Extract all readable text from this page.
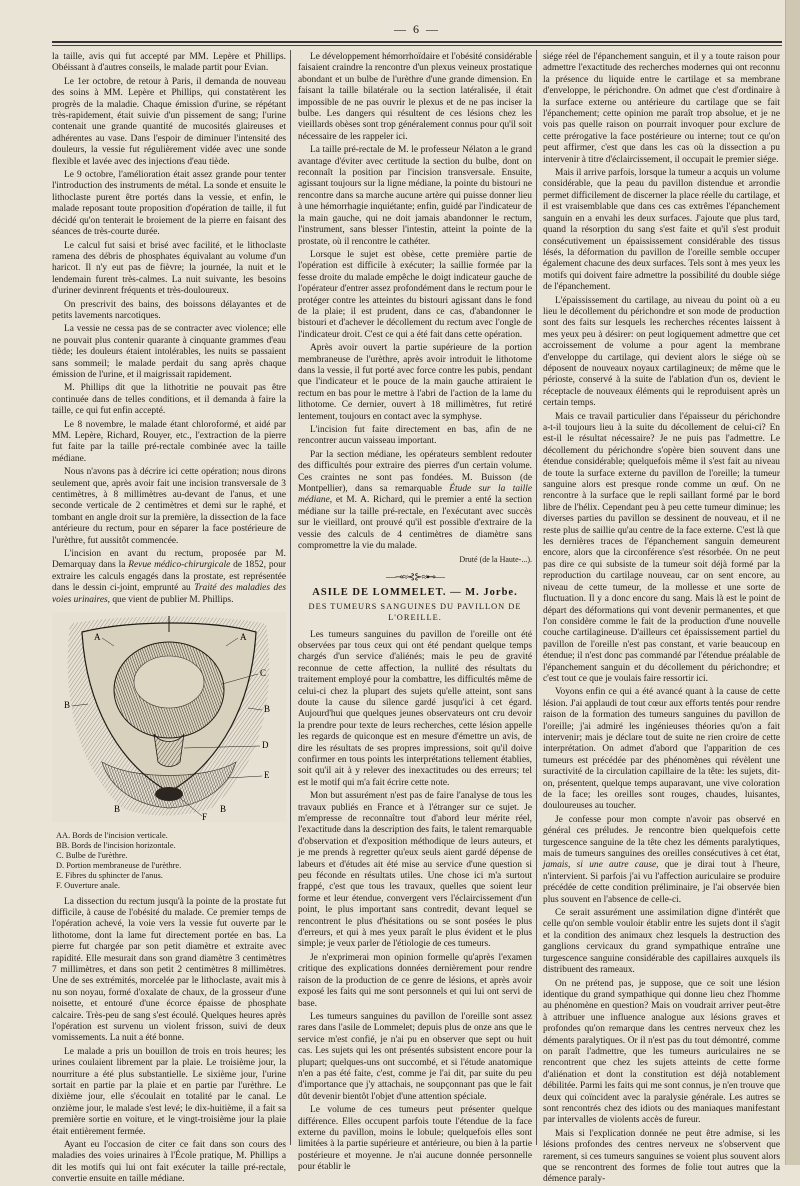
— 6 —

la taille, avis qui fut accepté par MM. Lepère et Phillips. Obéissant à d'autres conseils, le malade partit pour Evian.

Le 1er octobre, de retour à Paris, il demanda de nouveau des soins à MM. Lepère et Phillips, qui constatèrent les progrès de la maladie. Chaque émission d'urine, se répétant très-rapidement, était suivie d'un pissement de sang; l'urine contenait une grande quantité de mucosités glaireuses et adhérentes au vase. Dans l'espoir de diminuer l'intensité des douleurs, la vessie fut régulièrement vidée avec une sonde flexible et lavée avec des injections d'eau tiède.

Le 9 octobre, l'amélioration était assez grande pour tenter l'introduction des instruments de métal. La sonde et ensuite le lithoclaste purent être portés dans la vessie, et enfin, le malade reposant toute proposition d'opération de taille, il fut décidé qu'on tenterait le broiement de la pierre en faisant des séances de très-courte durée.

Le calcul fut saisi et brisé avec facilité, et le lithoclaste ramena des débris de phosphates équivalant au volume d'un haricot. Il n'y eut pas de fièvre; la journée, la nuit et le lendemain furent très-calmes. La nuit suivante, les besoins d'uriner devinrent fréquents et très-douloureux.

On prescrivit des bains, des boissons délayantes et de petits lavements narcotiques.

La vessie ne cessa pas de se contracter avec violence; elle ne pouvait plus contenir quarante à cinquante grammes d'eau tiède; les douleurs étaient intolérables, les nuits se passaient sans sommeil; le malade perdait du sang après chaque émission de l'urine, et il maigrissait rapidement.

M. Phillips dit que la lithotritie ne pouvait pas être continuée dans de telles conditions, et il demanda à faire la taille, ce qui fut enfin accepté.

Le 8 novembre, le malade étant chloroformé, et aidé par MM. Lepère, Richard, Rouyer, etc., l'extraction de la pierre fut faite par la taille pré-rectale combinée avec la taille médiane.

Nous n'avons pas à décrire ici cette opération; nous dirons seulement que, après avoir fait une incision transversale de 3 centimètres, à 8 millimètres au-devant de l'anus, et une seconde verticale de 2 centimètres et demi sur le raphé, et tombant en angle droit sur la première, la dissection de la face antérieure du rectum, pour en séparer la face postérieure de l'urèthre, fut aussitôt commencée.

L'incision en avant du rectum, proposée par M. Demarquay dans la Revue médico-chirurgicale de 1852, pour extraire les calculs engagés dans la prostate, est représentée dans le dessin ci-joint, emprunté au Traité des maladies des voies urinaires, que vient de publier M. Phillips.

A	A
B	B
B	B
C
D
E
F
AA. Bords de l'incision verticale.
BB. Bords de l'incision horizontale.
C. Bulbe de l'urèthre.
D. Portion membraneuse de l'urèthre.
E. Fibres du sphincter de l'anus.
F. Ouverture anale.

La dissection du rectum jusqu'à la pointe de la prostate fut difficile, à cause de l'obésité du malade. Ce premier temps de l'opération achevé, la voie vers la vessie fut ouverte par le lithotome, dont la lame fut directement portée en bas. La pierre fut chargée par son petit diamètre et extraite avec rapidité. Elle mesurait dans son grand diamètre 3 centimètres 7 millimètres, et dans son petit 2 centimètres 8 millimètres. Une de ses extrémités, morcelée par le lithoclaste, avait mis à nu son noyau, formé d'oxalate de chaux, de la grosseur d'une noisette, et entouré d'une écorce épaisse de phosphate calcaire. Très-peu de sang s'est écoulé. Quelques heures après l'opération est survenu un violent frisson, suivi de deux vomissements. La nuit a été bonne.

Le malade a pris un bouillon de trois en trois heures; les urines coulaient librement par la plaie. Le troisième jour, la nourriture a été plus substantielle. Le sixième jour, l'urine sortait en partie par la plaie et en partie par l'urèthre. Le dixième jour, elle s'écoulait en totalité par le canal. Le onzième jour, le malade s'est levé; le dix-huitième, il a fait sa première sortie en voiture, et le vingt-troisième jour la plaie était entièrement fermée.

Ayant eu l'occasion de citer ce fait dans son cours des maladies des voies urinaires à l'École pratique, M. Phillips a dit les motifs qui lui ont fait exécuter la taille pré-rectale, convertie ensuite en taille médiane.

Le développement hémorrhoïdaire et l'obésité considérable faisaient craindre la rencontre d'un plexus veineux prostatique abondant et un bulbe de l'urèthre d'une grande dimension. En faisant la taille bilatérale ou la section latéralisée, il était impossible de ne pas ouvrir le plexus et de ne pas inciser la bulbe. Les dangers qui résultent de ces lésions chez les vieillards obèses sont trop généralement connus pour qu'il soit nécessaire de les rappeler ici.

La taille pré-rectale de M. le professeur Nélaton a le grand avantage d'éviter avec certitude la section du bulbe, dont on reconnaît la position par l'incision transversale. Ensuite, agissant toujours sur la ligne médiane, la pointe du bistouri ne rencontre dans sa marche aucune artère qui puisse donner lieu à une hémorrhagie inquiétante; enfin, guidé par l'indicateur de la main gauche, qui ne doit jamais abandonner le rectum, l'instrument, sans blesser l'intestin, atteint la pointe de la prostate, où il rencontre le cathéter.

Lorsque le sujet est obèse, cette première partie de l'opération est difficile à exécuter; la saillie formée par la fesse droite du malade empêche le doigt indicateur gauche de l'opérateur d'entrer assez profondément dans le rectum pour le protéger contre les atteintes du bistouri agissant dans le fond de la plaie; il est prudent, dans ce cas, d'abandonner le bistouri et d'achever le décollement du rectum avec l'ongle de l'indicateur droit. C'est ce qui a été fait dans cette opération.

Après avoir ouvert la partie supérieure de la portion membraneuse de l'urèthre, après avoir introduit le lithotome dans la vessie, il fut porté avec force contre les pubis, pendant que l'indicateur et le pouce de la main gauche attiraient le rectum en bas pour le mettre à l'abri de l'action de la lame du lithotome. Ce dernier, ouvert à 18 millimètres, fut retiré lentement, toujours en contact avec la symphyse.

L'incision fut faite directement en bas, afin de ne rencontrer aucun vaisseau important.

Par la section médiane, les opérateurs semblent redouter des difficultés pour extraire des pierres d'un certain volume. Ces craintes ne sont pas fondées. M. Buisson (de Montpellier), dans sa remarquable Étude sur la taille médiane, et M. A. Richard, qui le premier a enté la section médiane sur la taille pré-rectale, en l'exécutant avec succès sur le vieillard, ont prouvé qu'il est possible d'extraire de la vessie des calculs de 4 centimètres de diamètre sans compromettre la vie du malade.

Druté (de la Haute-...).
—⊸≈⊰⊱≈⊷—
ASILE DE LOMMELET. — M. Jorbe.
DES TUMEURS SANGUINES DU PAVILLON DE L'OREILLE.

Les tumeurs sanguines du pavillon de l'oreille ont été observées par tous ceux qui ont été pendant quelque temps chargés d'un service d'aliénés; mais le peu de gravité reconnue de cette affection, la nullité des résultats du traitement employé pour la combattre, les difficultés même de celui-ci chez la plupart des sujets qu'elle atteint, sont sans doute la cause du silence gardé jusqu'ici à cet égard. Aujourd'hui que quelques jeunes observateurs ont cru devoir la prendre pour texte de leurs recherches, cette lésion appelle les regards de quiconque est en mesure d'émettre un avis, de dire les résultats de ses propres impressions, soit qu'il doive confirmer en tous points les interprétations tellement établies, soit qu'il ait à y relever des inexactitudes ou des erreurs; tel est le motif qui m'a fait écrire cette note.

Mon but assurément n'est pas de faire l'analyse de tous les travaux publiés en France et à l'étranger sur ce sujet. Je m'empresse de reconnaître tout d'abord leur mérite réel, l'exactitude dans la description des faits, le talent remarquable d'observation et d'exposition méthodique de leurs auteurs, et je me prends à regretter qu'eux seuls aient gardé dépense de labeurs et d'études ait été mise au service d'une question si peu féconde en résultats utiles. Une chose ici m'a surtout frappé, c'est que tous les travaux, quelles que soient leur forme et leur étendue, convergent vers l'éclaircissement d'un point, le plus important sans contredit, devant lequel se rencontrent le plus d'hésitations ou se sont posées le plus d'erreurs, et qui à mes yeux paraît le plus évident et le plus simple; je veux parler de l'étiologie de ces tumeurs.

Je n'exprimerai mon opinion formelle qu'après l'examen critique des explications données dernièrement pour rendre raison de la production de ce genre de lésions, et après avoir exposé les faits qui me sont personnels et qui lui ont servi de base.

Les tumeurs sanguines du pavillon de l'oreille sont assez rares dans l'asile de Lommelet; depuis plus de onze ans que le service m'est confié, je n'ai pu en observer que sept ou huit cas. Les sujets qui les ont présentés subsistent encore pour la plupart; quelques-uns ont succombé, et si l'étude anatomique n'en a pas été faite, c'est, comme je l'ai dit, par suite du peu d'importance que j'y attachais, ne soupçonnant pas que le fait dût devenir bientôt l'objet d'une attention spéciale.

Le volume de ces tumeurs peut présenter quelque différence. Elles occupent parfois toute l'étendue de la face externe du pavillon, moins le lobule; quelquefois elles sont limitées à la partie supérieure et antérieure, ou bien à la partie postérieure et moyenne. Je n'ai aucune donnée personnelle pour établir le

siége réel de l'épanchement sanguin, et il y a toute raison pour admettre l'exactitude des recherches modernes qui ont reconnu la présence du liquide entre le cartilage et sa membrane d'enveloppe, le périchondre. On admet que c'est d'ordinaire à la surface externe ou antérieure du cartilage que se fait l'épanchement; cette opinion me paraît trop absolue, et je ne vois pas quelle raison on pourrait invoquer pour exclure de cette prérogative la face postérieure ou interne; tout ce qu'on peut affirmer, c'est que dans les cas où la dissection a pu intervenir à titre d'éclaircissement, il occupait le premier siége.

Mais il arrive parfois, lorsque la tumeur a acquis un volume considérable, que la peau du pavillon distendue et arrondie permet difficilement de discerner la place réelle du cartilage, et il est vraisemblable que dans ces cas extrêmes l'épanchement sanguin en a envahi les deux surfaces. J'ajoute que plus tard, quand la résorption du sang s'est faite et qu'il s'est produit consécutivement un épaississement considérable des tissus lésés, la déformation du pavillon de l'oreille semble occuper également chacune des deux surfaces. Tels sont à mes yeux les motifs qui doivent faire admettre la possibilité du double siége de l'épanchement.

L'épaississement du cartilage, au niveau du point où a eu lieu le décollement du périchondre et son mode de production sont des faits sur lesquels les recherches récentes laissent à mes yeux peu à désirer: on peut logiquement admettre que cet accroissement de volume a pour agent la membrane d'enveloppe du cartilage, qui devient alors le siége où se déposent de nouveaux noyaux cartilagineux; de même que le périoste, conservé à la suite de l'ablation d'un os, devient le réceptacle de nouveaux éléments qui le reproduisent après un certain temps.

Mais ce travail particulier dans l'épaisseur du périchondre a-t-il toujours lieu à la suite du décollement de celui-ci? En est-il le résultat nécessaire? Je ne puis pas l'admettre. Le décollement du périchondre s'opère bien souvent dans une étendue considérable; quelquefois même il s'est fait au niveau de toute la surface externe du pavillon de l'oreille; la tumeur sanguine alors est presque ronde comme un œuf. On ne rencontre à la surface que le repli saillant formé par le bord libre de l'hélix. Cependant peu à peu cette tumeur diminue; les diverses parties du pavillon se dessinent de nouveau, et il ne reste plus de saillie qu'au centre de la face externe. C'est là que les dernières traces de l'épanchement sanguin demeurent encore, alors que la circonférence s'est résorbée. On ne peut pas dire ce qui subsiste de la tumeur soit déjà formé par la reproduction du cartilage nouveau, car on sent encore, au niveau de cette tumeur, de la mollesse et une sorte de fluctuation. Il y a donc encore du sang. Mais là est le point de départ des déformations qui vont devenir permanentes, et que l'on considère comme le fait de la production d'une nouvelle couche cartilagineuse. D'ailleurs cet épaississement partiel du pavillon de l'oreille n'est pas constant, et varie beaucoup en étendue; il n'est donc pas commandé par l'étendue préalable de l'épanchement sanguin et du décollement du périchondre; et c'est tout ce que je voulais faire ressortir ici.

Voyons enfin ce qui a été avancé quant à la cause de cette lésion. J'ai applaudi de tout cœur aux efforts tentés pour rendre raison de la formation des tumeurs sanguines du pavillon de l'oreille; j'ai admiré les ingénieuses théories qu'on a fait intervenir; mais je déclare tout de suite ne rien croire de cette interprétation. On admet d'abord que l'apparition de ces tumeurs est précédée par des phénomènes qui révèlent une suractivité de la circulation capillaire de la tête: les sujets, dit-on, présentent, quelque temps auparavant, une vive coloration de la face; les oreilles sont rouges, chaudes, luisantes, douloureuses au toucher.

Je confesse pour mon compte n'avoir pas observé en général ces préludes. Je rencontre bien quelquefois cette turgescence sanguine de la tête chez les déments paralytiques, mais de tumeurs sanguines des oreilles consécutives à cet état, jamais, si une autre cause, que je dirai tout à l'heure, n'intervient. Si parfois j'ai vu l'affection auriculaire se produire précédée de cette condition préliminaire, je l'ai observée bien plus souvent en l'absence de celle-ci.

Ce serait assurément une assimilation digne d'intérêt que celle qu'on semble vouloir établir entre les sujets dont il s'agit et la condition des animaux chez lesquels la destruction des ganglions cervicaux du grand sympathique entraîne une turgescence sanguine considérable des capillaires auxquels ils distribuent des rameaux.

On ne prétend pas, je suppose, que ce soit une lésion identique du grand sympathique qui donne lieu chez l'homme au phénomène en question? Mais on voudrait arriver peut-être à attribuer une influence analogue aux lésions graves et profondes qu'on remarque dans les centres nerveux chez les déments paralytiques. Or il n'est pas du tout démontré, comme on paraît l'admettre, que les tumeurs auriculaires ne se rencontrent que chez les sujets atteints de cette forme d'aliénation et dont la constitution est déjà notablement débilitée. Parmi les faits qui me sont connus, je n'en trouve que deux qui coïncident avec la paralysie générale. Les autres se sont rencontrés chez des idiots ou des maniaques manifestant par intervalles de violents accès de fureur.

Mais si l'explication donnée ne peut être admise, si les lésions profondes des centres nerveux ne s'observent que rarement, si ces tumeurs sanguines se voient plus souvent alors que se rencontrent des formes de folie tout autres que la démence paraly-
